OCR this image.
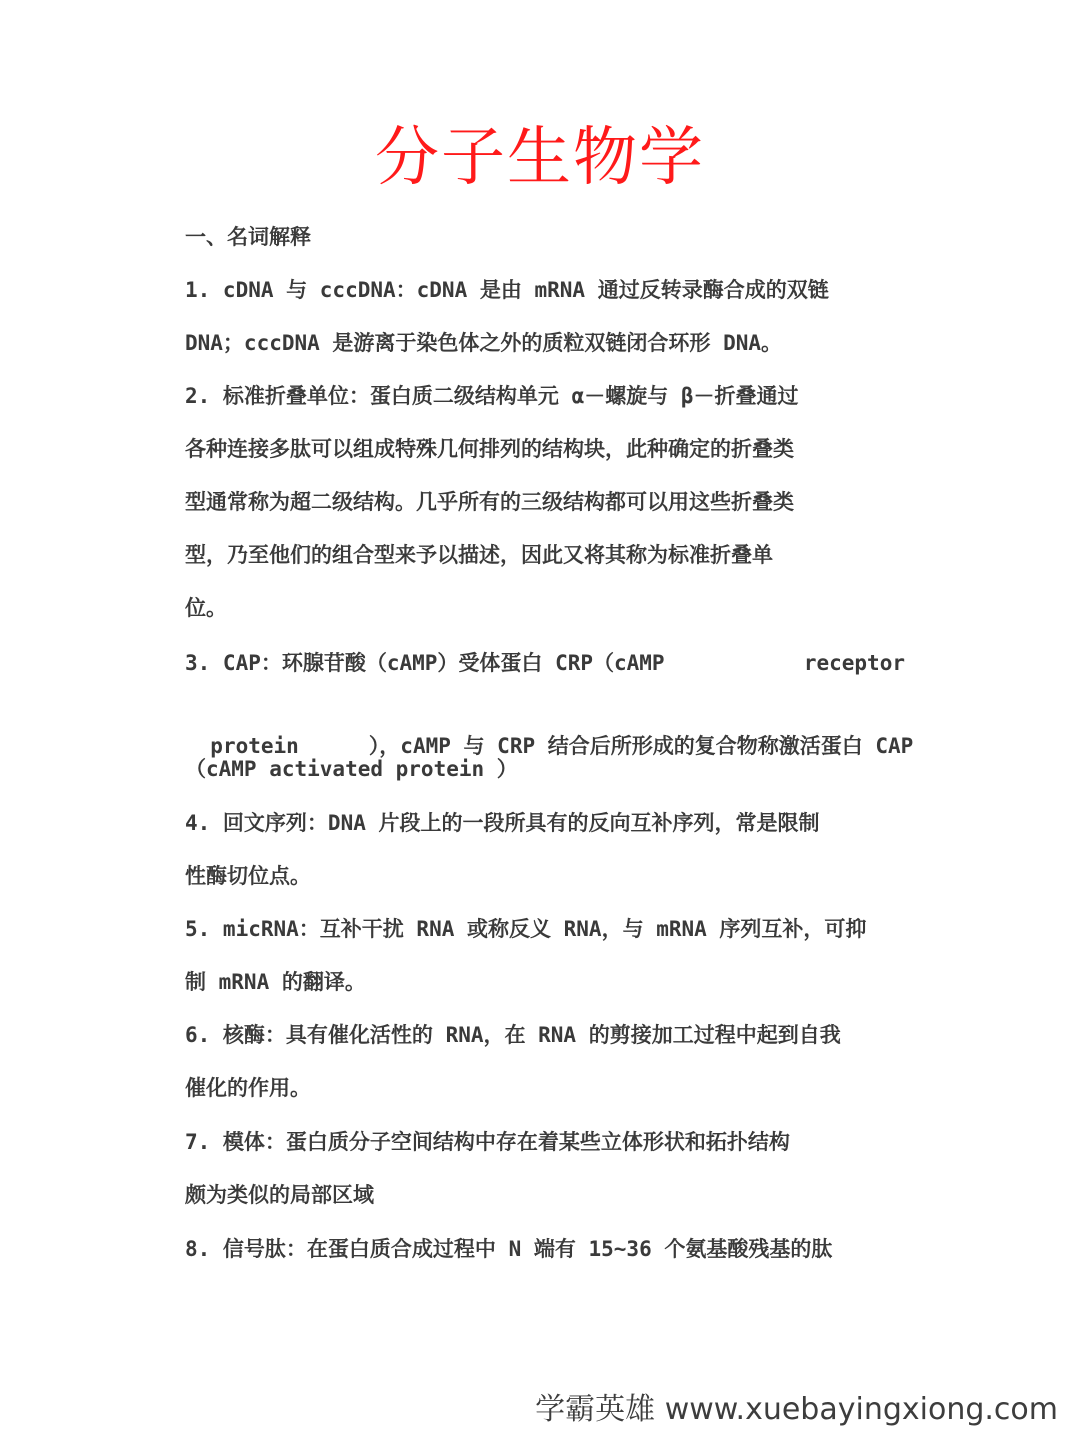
分子生物学
一、名词解释
1. cDNA 与 cccDNA：cDNA 是由 mRNA 通过反转录酶合成的双链
DNA；cccDNA 是游离于染色体之外的质粒双链闭合环形 DNA。
2. 标准折叠单位：蛋白质二级结构单元 α－螺旋与 β－折叠通过
各种连接多肽可以组成特殊几何排列的结构块，此种确定的折叠类
型通常称为超二级结构。几乎所有的三级结构都可以用这些折叠类
型，乃至他们的组合型来予以描述，因此又将其称为标准折叠单
位。
3. CAP：环腺苷酸（cAMP）受体蛋白 CRP（cAMP	receptor

protein	），cAMP 与 CRP 结合后所形成的复合物称激活蛋白 CAP

（cAMP activated protein ）
4. 回文序列：DNA 片段上的一段所具有的反向互补序列，常是限制
性酶切位点。
5. micRNA：互补干扰 RNA 或称反义 RNA，与 mRNA 序列互补，可抑
制 mRNA 的翻译。
6. 核酶：具有催化活性的 RNA，在 RNA 的剪接加工过程中起到自我
催化的作用。
7. 模体：蛋白质分子空间结构中存在着某些立体形状和拓扑结构
颇为类似的局部区域
8. 信号肽：在蛋白质合成过程中 N 端有 15~36 个氨基酸残基的肽
学霸英雄 www.xuebayingxiong.com
